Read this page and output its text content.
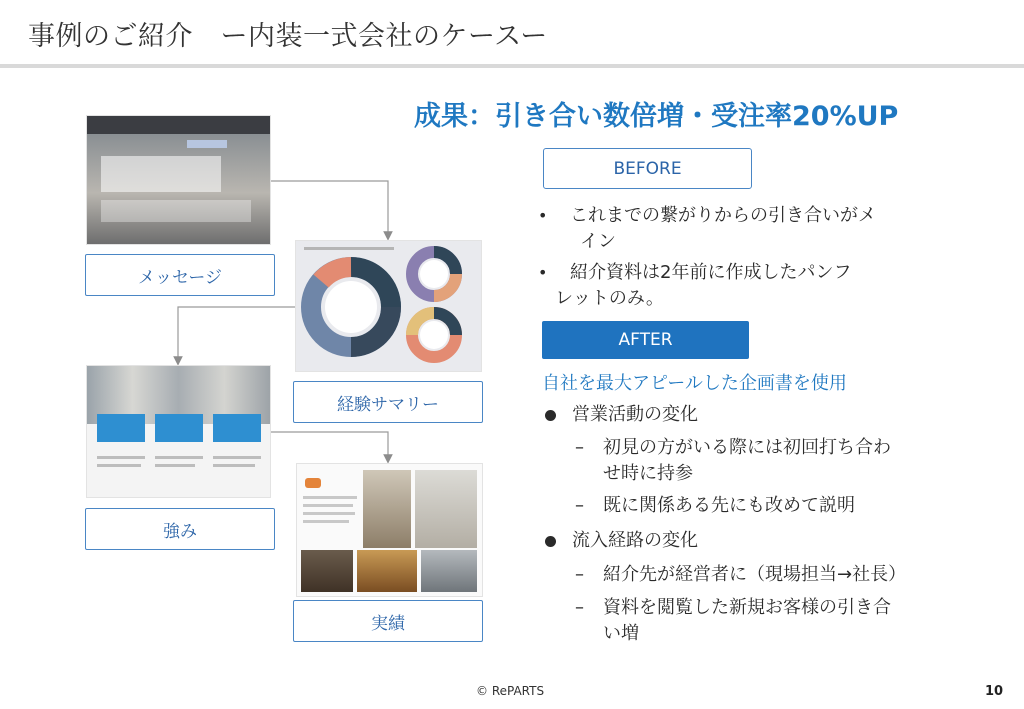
事例のご紹介　ー内装一式会社のケースー
成果：引き合い数倍増・受注率20%UP
メッセージ
経験サマリー
強み
実績
BEFORE
• これまでの繋がりからの引き合いがメ
イン
• 紹介資料は2年前に作成したパンフ
レットのみ。
AFTER
自社を最大アピールした企画書を使用
営業活動の変化
– 初見の方がいる際には初回打ち合わ
せ時に持参
– 既に関係ある先にも改めて説明
流入経路の変化
– 紹介先が経営者に（現場担当→社長）
– 資料を閲覧した新規お客様の引き合
い増
© RePARTS	10
